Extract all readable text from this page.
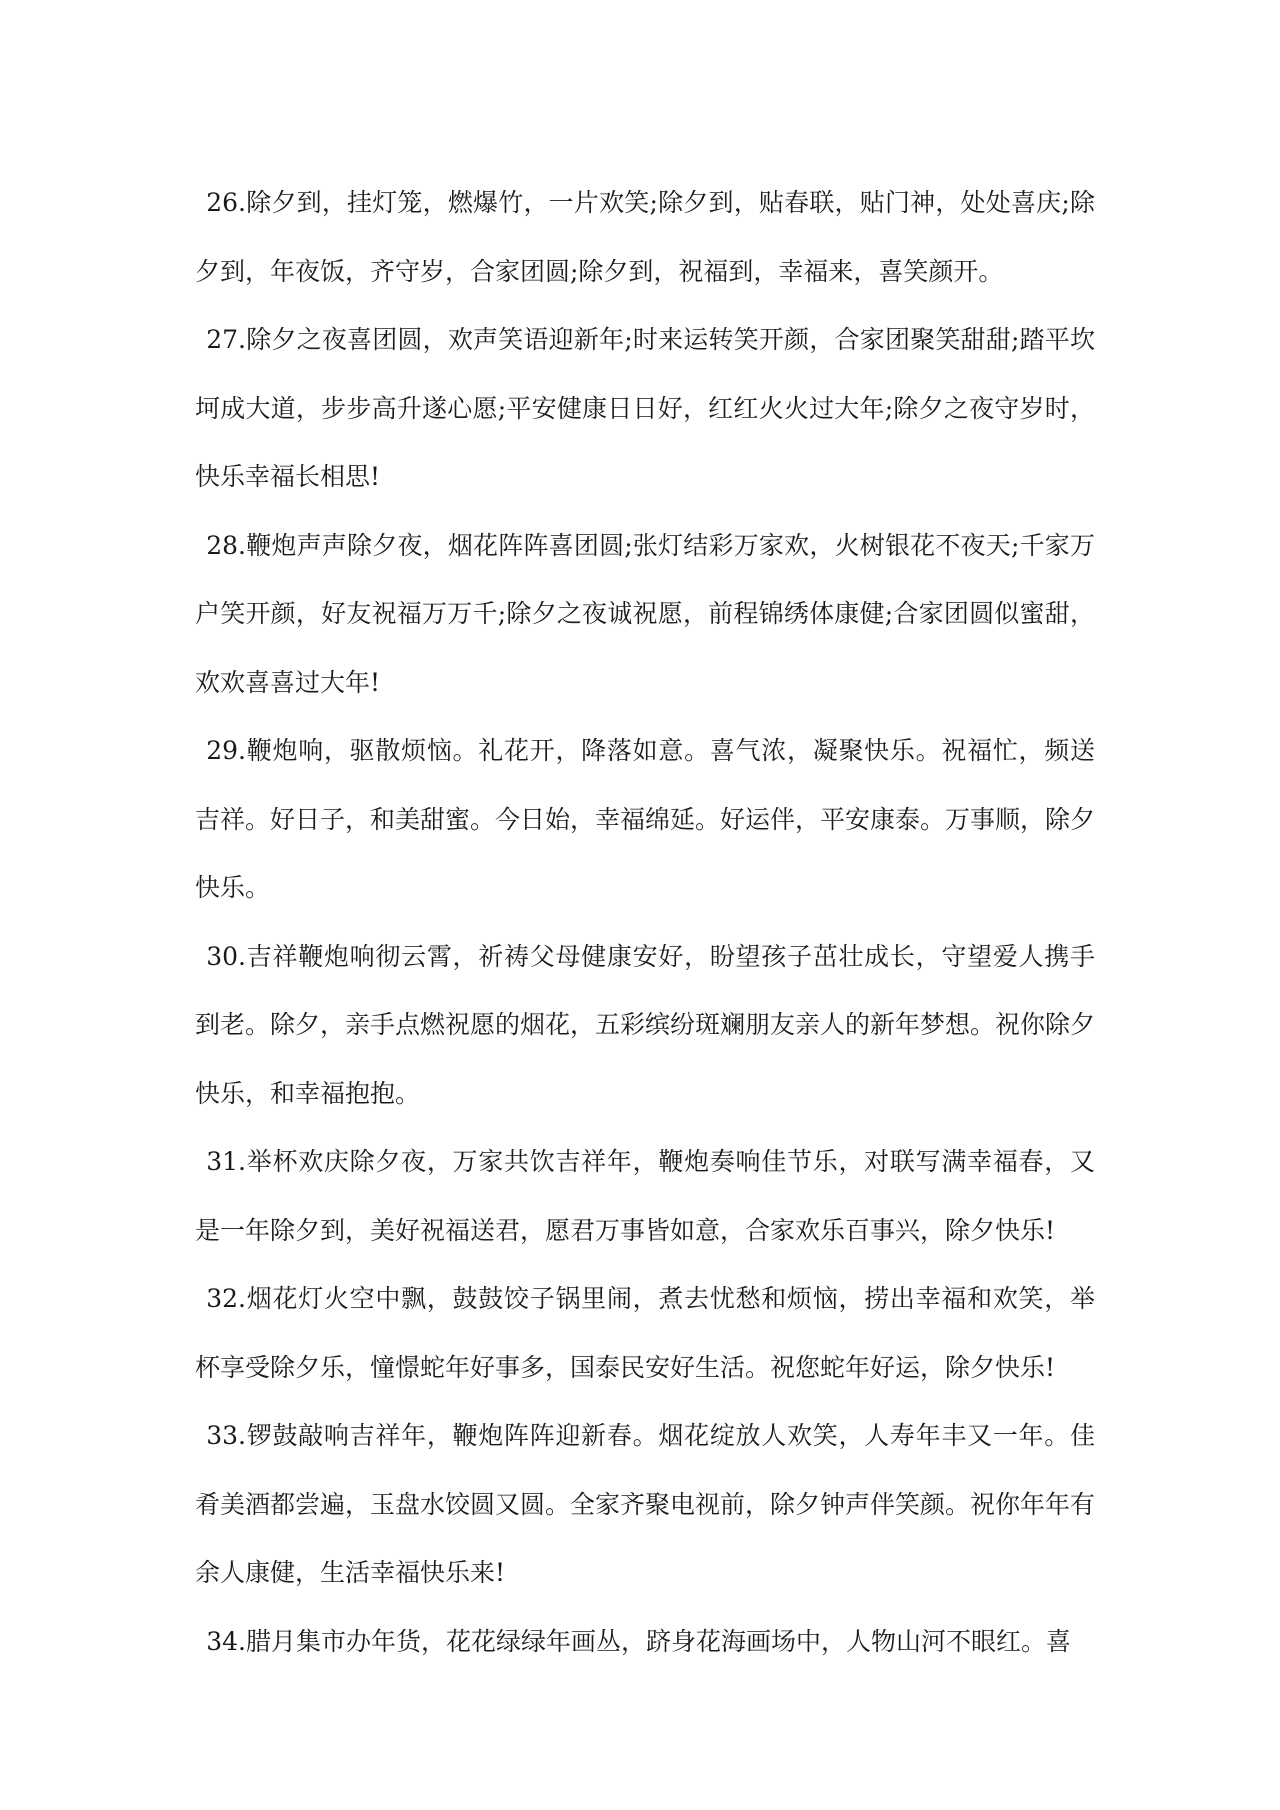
26.除夕到，挂灯笼，燃爆竹，一片欢笑;除夕到，贴春联，贴门神，处处喜庆;除夕到，年夜饭，齐守岁，合家团圆;除夕到，祝福到，幸福来，喜笑颜开。

27.除夕之夜喜团圆，欢声笑语迎新年;时来运转笑开颜，合家团聚笑甜甜;踏平坎坷成大道，步步高升遂心愿;平安健康日日好，红红火火过大年;除夕之夜守岁时，快乐幸福长相思!

28.鞭炮声声除夕夜，烟花阵阵喜团圆;张灯结彩万家欢，火树银花不夜天;千家万户笑开颜，好友祝福万万千;除夕之夜诚祝愿，前程锦绣体康健;合家团圆似蜜甜，欢欢喜喜过大年!

29.鞭炮响，驱散烦恼。礼花开，降落如意。喜气浓，凝聚快乐。祝福忙，频送吉祥。好日子，和美甜蜜。今日始，幸福绵延。好运伴，平安康泰。万事顺，除夕快乐。

30.吉祥鞭炮响彻云霄，祈祷父母健康安好，盼望孩子茁壮成长，守望爱人携手到老。除夕，亲手点燃祝愿的烟花，五彩缤纷斑斓朋友亲人的新年梦想。祝你除夕快乐，和幸福抱抱。

31.举杯欢庆除夕夜，万家共饮吉祥年，鞭炮奏响佳节乐，对联写满幸福春，又是一年除夕到，美好祝福送君，愿君万事皆如意，合家欢乐百事兴，除夕快乐!

32.烟花灯火空中飘，鼓鼓饺子锅里闹，煮去忧愁和烦恼，捞出幸福和欢笑，举杯享受除夕乐，憧憬蛇年好事多，国泰民安好生活。祝您蛇年好运，除夕快乐!

33.锣鼓敲响吉祥年，鞭炮阵阵迎新春。烟花绽放人欢笑，人寿年丰又一年。佳肴美酒都尝遍，玉盘水饺圆又圆。全家齐聚电视前，除夕钟声伴笑颜。祝你年年有余人康健，生活幸福快乐来!

34.腊月集市办年货，花花绿绿年画丛，跻身花海画场中，人物山河不眼红。喜
